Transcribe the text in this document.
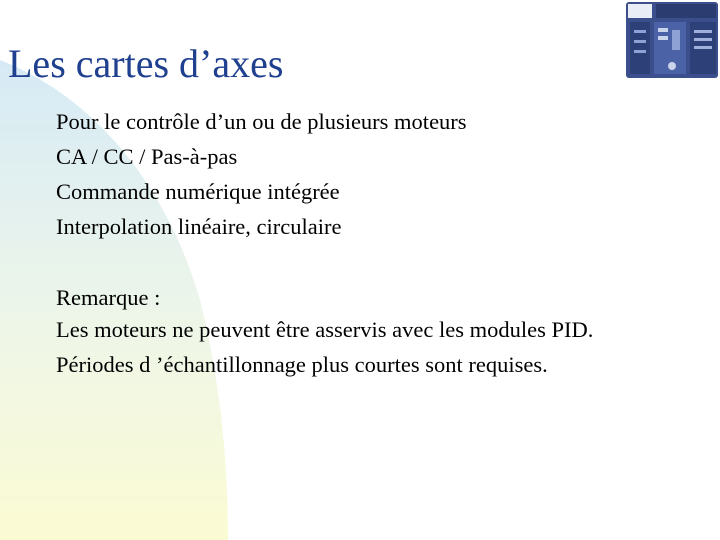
Les cartes d’axes
Pour le contrôle d’un ou de plusieurs moteurs
CA / CC / Pas-à-pas
Commande numérique intégrée
Interpolation linéaire, circulaire
Remarque :
Les moteurs ne peuvent être asservis avec les modules PID.
Périodes d ’échantillonnage plus courtes sont requises.
